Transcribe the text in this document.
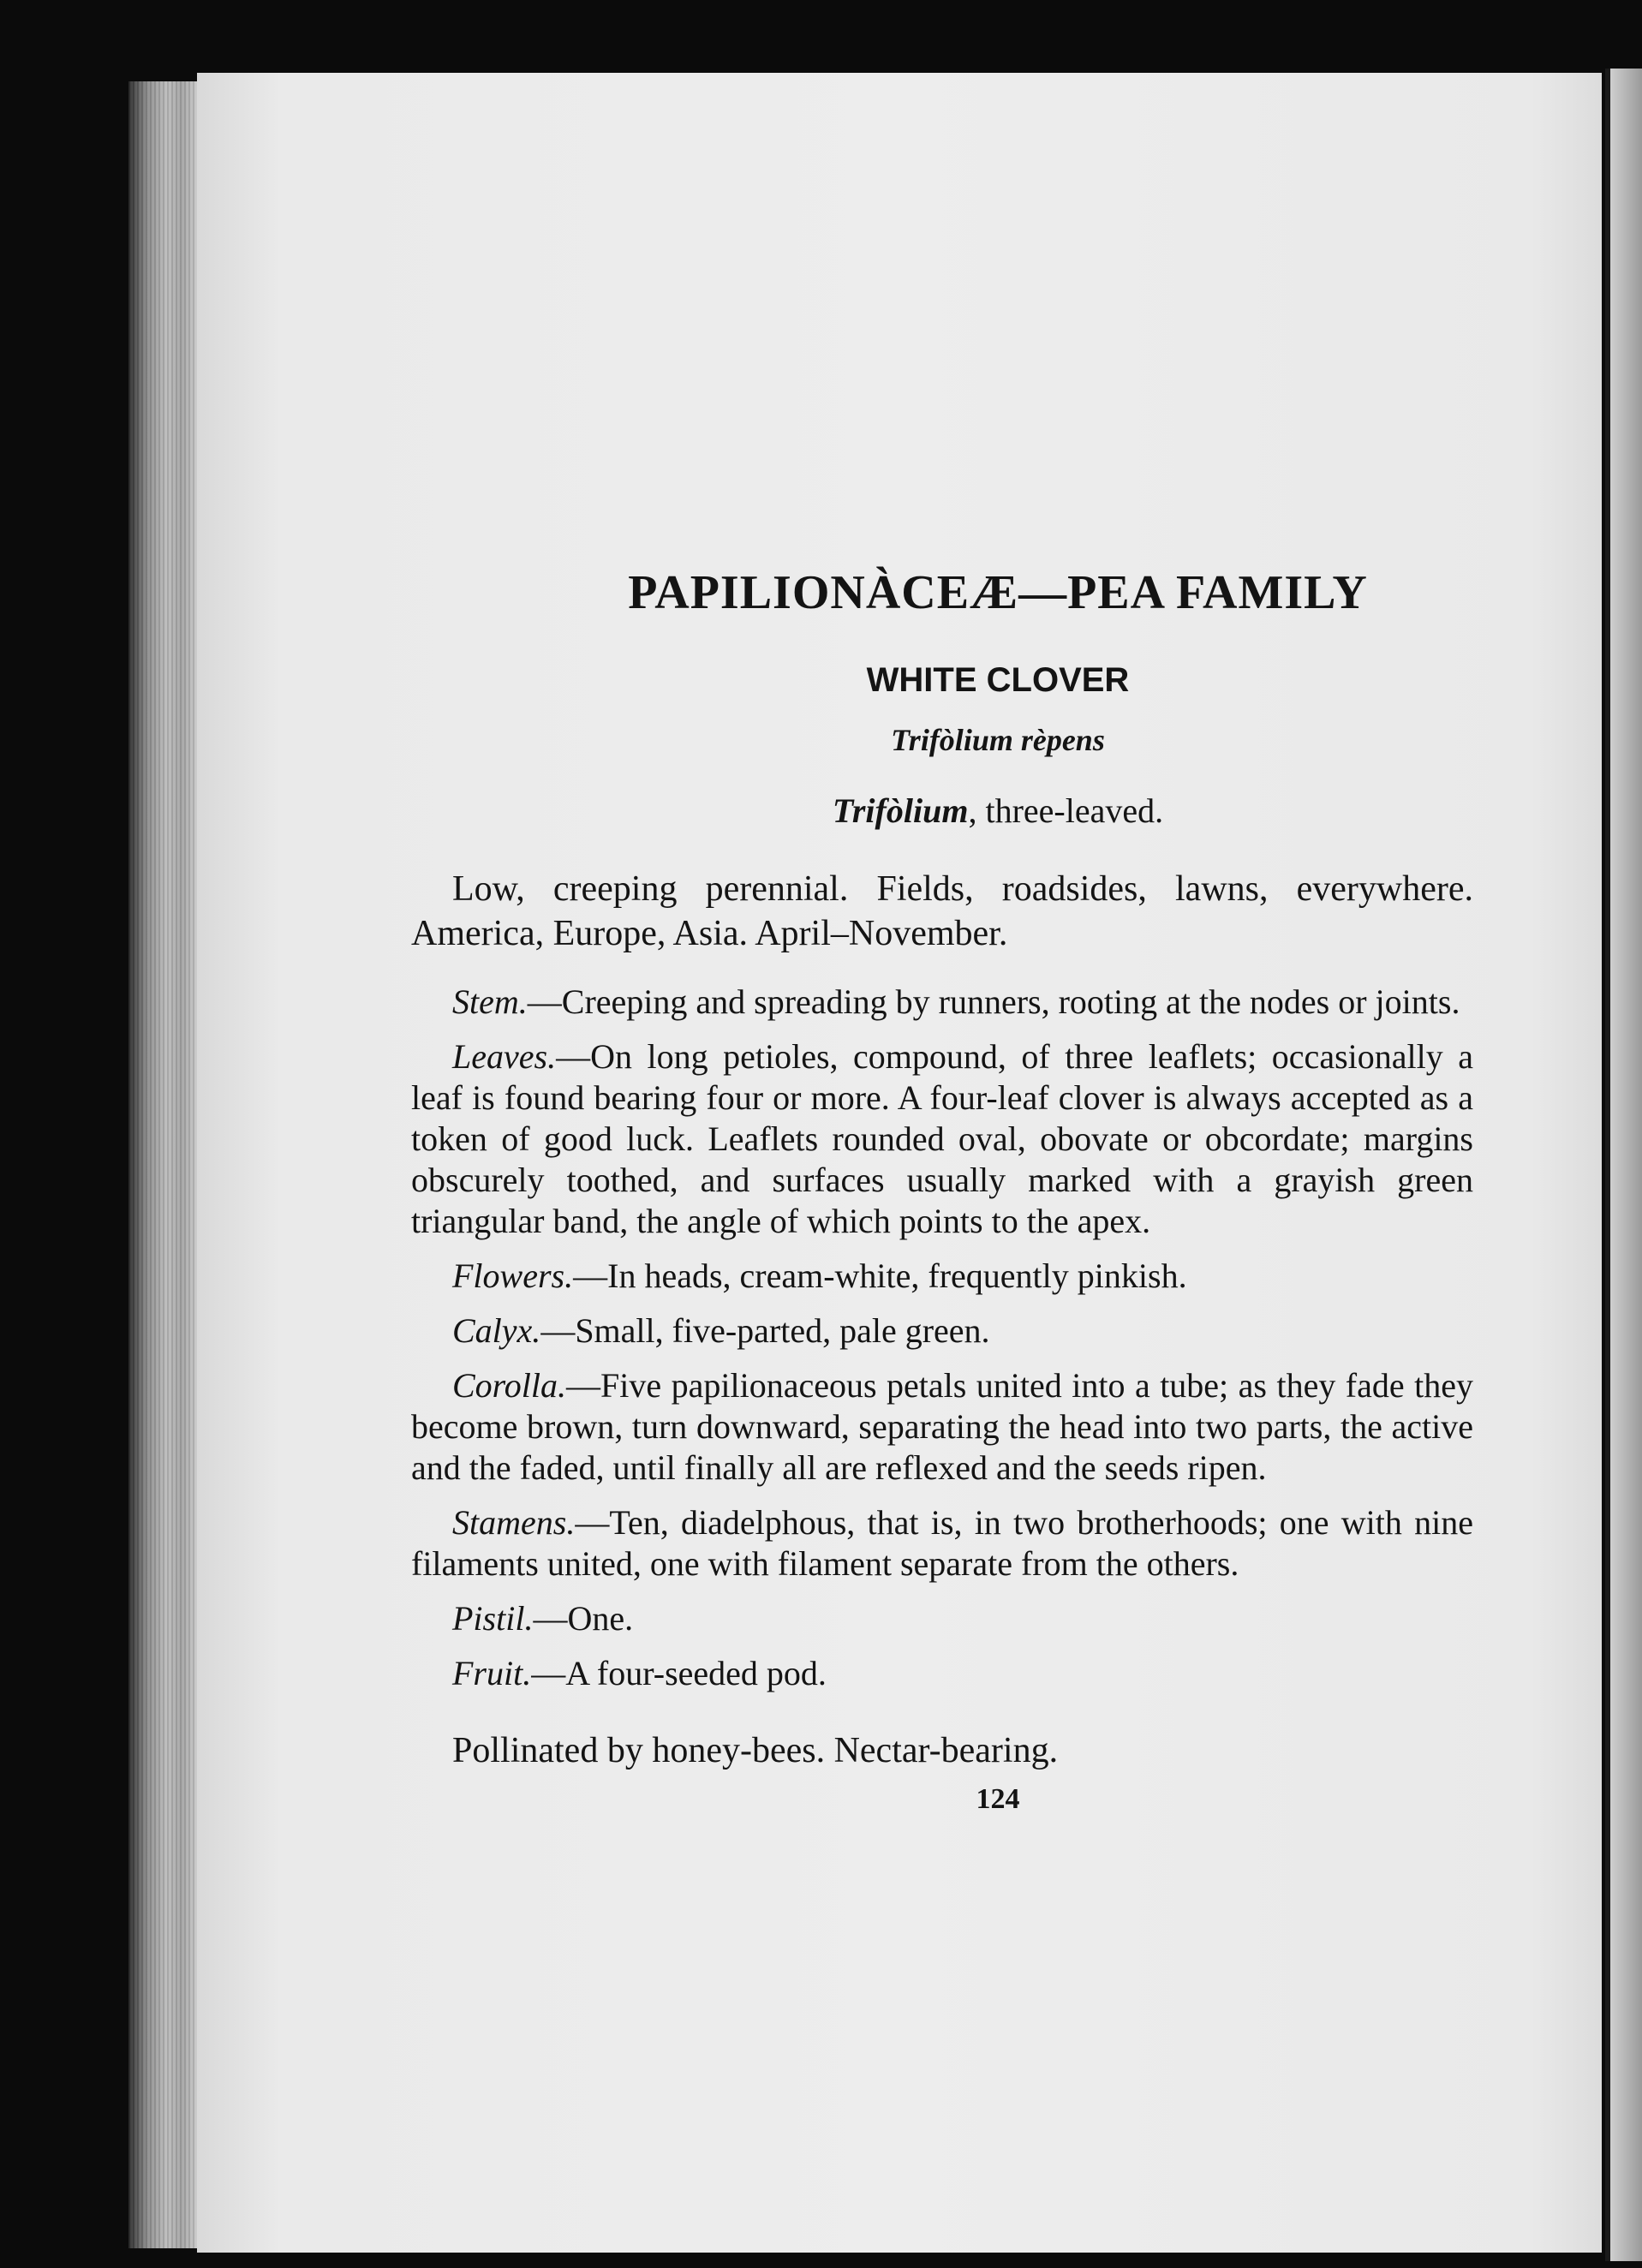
PAPILIONÀCEÆ—PEA FAMILY
WHITE CLOVER
Trifòlium rèpens
Trifòlium, three-leaved.

Low, creeping perennial. Fields, roadsides, lawns, everywhere. America, Europe, Asia. April–November.

Stem.—Creeping and spreading by runners, rooting at the nodes or joints.

Leaves.—On long petioles, compound, of three leaflets; occasionally a leaf is found bearing four or more. A four-leaf clover is always accepted as a token of good luck. Leaflets rounded oval, obovate or obcordate; margins obscurely toothed, and surfaces usually marked with a grayish green triangular band, the angle of which points to the apex.

Flowers.—In heads, cream-white, frequently pinkish.

Calyx.—Small, five-parted, pale green.

Corolla.—Five papilionaceous petals united into a tube; as they fade they become brown, turn downward, separating the head into two parts, the active and the faded, until finally all are reflexed and the seeds ripen.

Stamens.—Ten, diadelphous, that is, in two brotherhoods; one with nine filaments united, one with filament separate from the others.

Pistil.—One.

Fruit.—A four-seeded pod.

Pollinated by honey-bees. Nectar-bearing.

124
